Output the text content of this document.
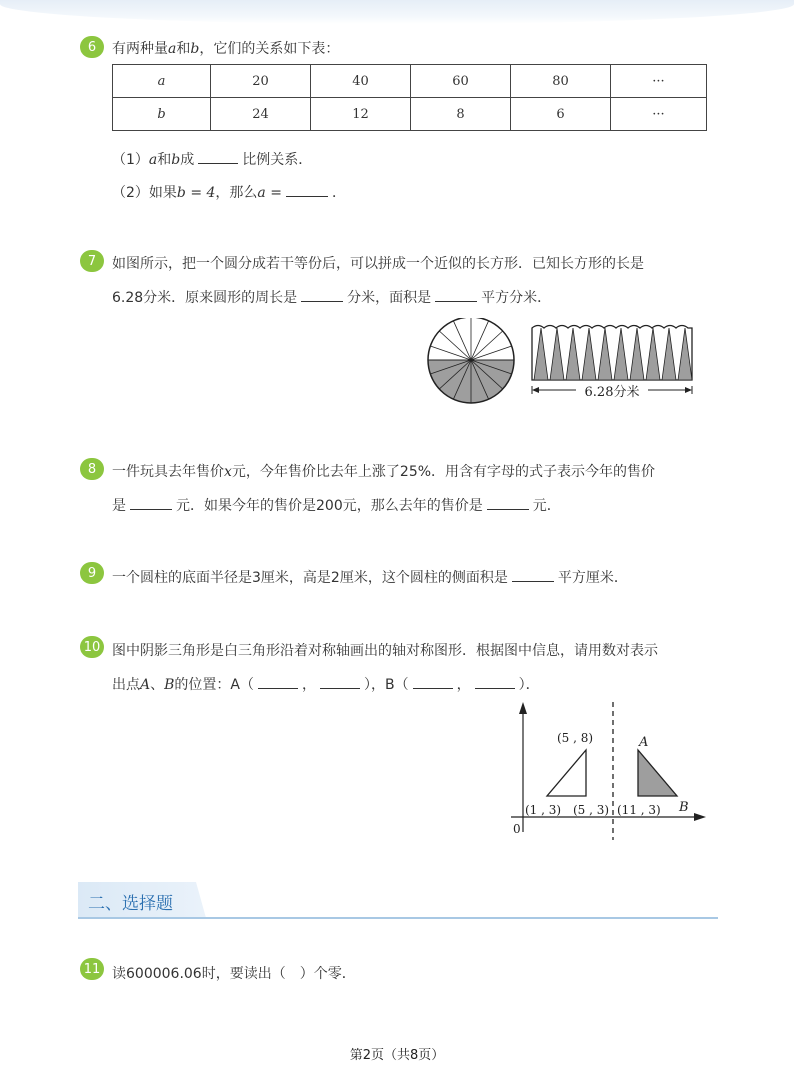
6	有两种量a和b，它们的关系如下表：
a	20	40	60	80	···
b	24	12	8	6	···
（1）a和b成	比例关系．
（2）如果b = 4，那么a =	．
7	如图所示，把一个圆分成若干等份后，可以拼成一个近似的长方形．已知长方形的长是
6.28分米．原来圆形的周长是	分米，面积是	平方分米．
6.28分米
8	一件玩具去年售价x元，今年售价比去年上涨了25%．用含有字母的式子表示今年的售价
是	元．如果今年的售价是200元，那么去年的售价是	元．
9	一个圆柱的底面半径是3厘米，高是2厘米，这个圆柱的侧面积是	平方厘米．
10 图中阴影三角形是白三角形沿着对称轴画出的轴对称图形．根据图中信息，请用数对表示
出点A、B的位置：A（	，	），B（	，	）．
0
(5 , 8)
(1 , 3) (5 , 3) (11 , 3)
A
B
二、选择题
11 读600006.06时，要读出（　）个零．
第2页（共8页）
